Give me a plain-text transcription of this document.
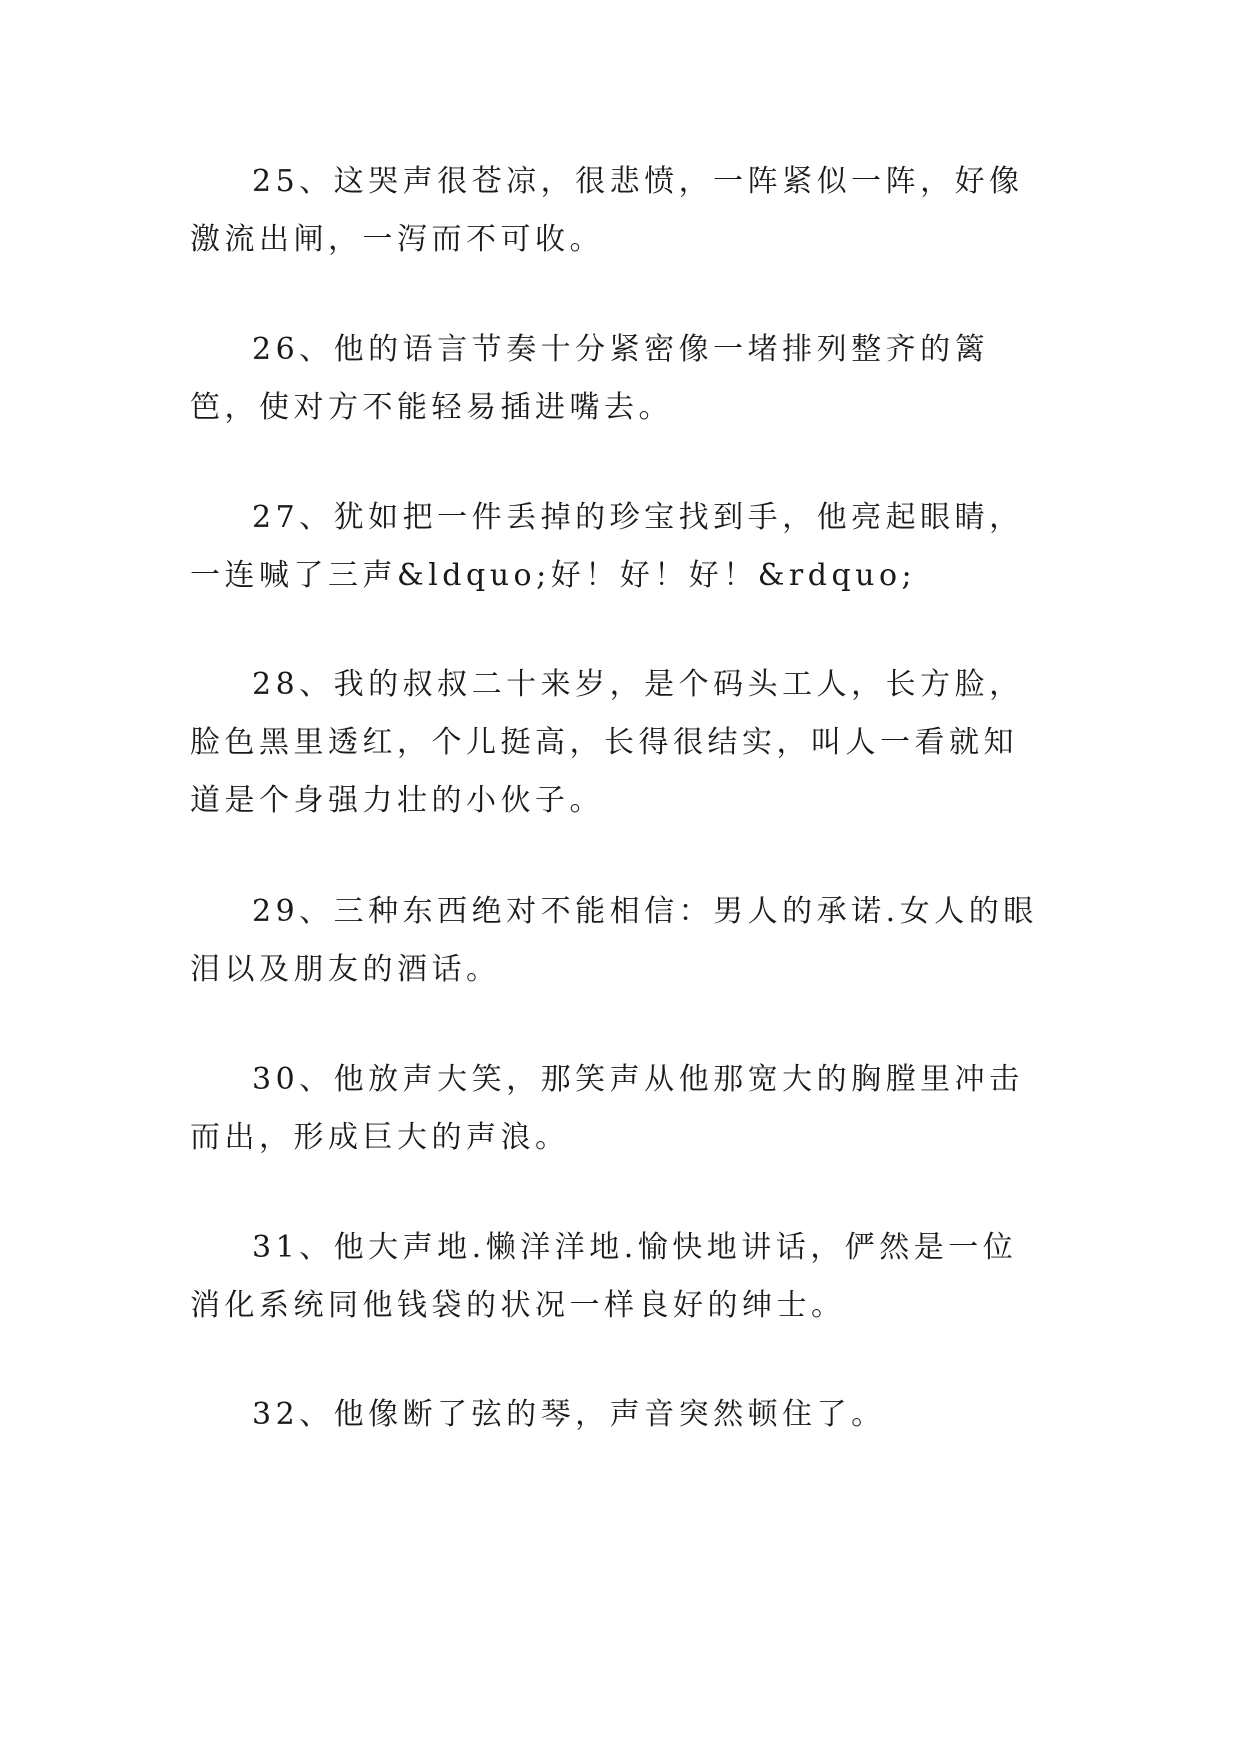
25、这哭声很苍凉，很悲愤，一阵紧似一阵，好像激流出闸，一泻而不可收。

26、他的语言节奏十分紧密像一堵排列整齐的篱笆，使对方不能轻易插进嘴去。

27、犹如把一件丢掉的珍宝找到手，他亮起眼睛，一连喊了三声&ldquo;好！好！好！&rdquo;

28、我的叔叔二十来岁，是个码头工人，长方脸，脸色黑里透红，个儿挺高，长得很结实，叫人一看就知道是个身强力壮的小伙子。

29、三种东西绝对不能相信：男人的承诺.女人的眼泪以及朋友的酒话。

30、他放声大笑，那笑声从他那宽大的胸膛里冲击而出，形成巨大的声浪。

31、他大声地.懒洋洋地.愉快地讲话，俨然是一位消化系统同他钱袋的状况一样良好的绅士。

32、他像断了弦的琴，声音突然顿住了。
